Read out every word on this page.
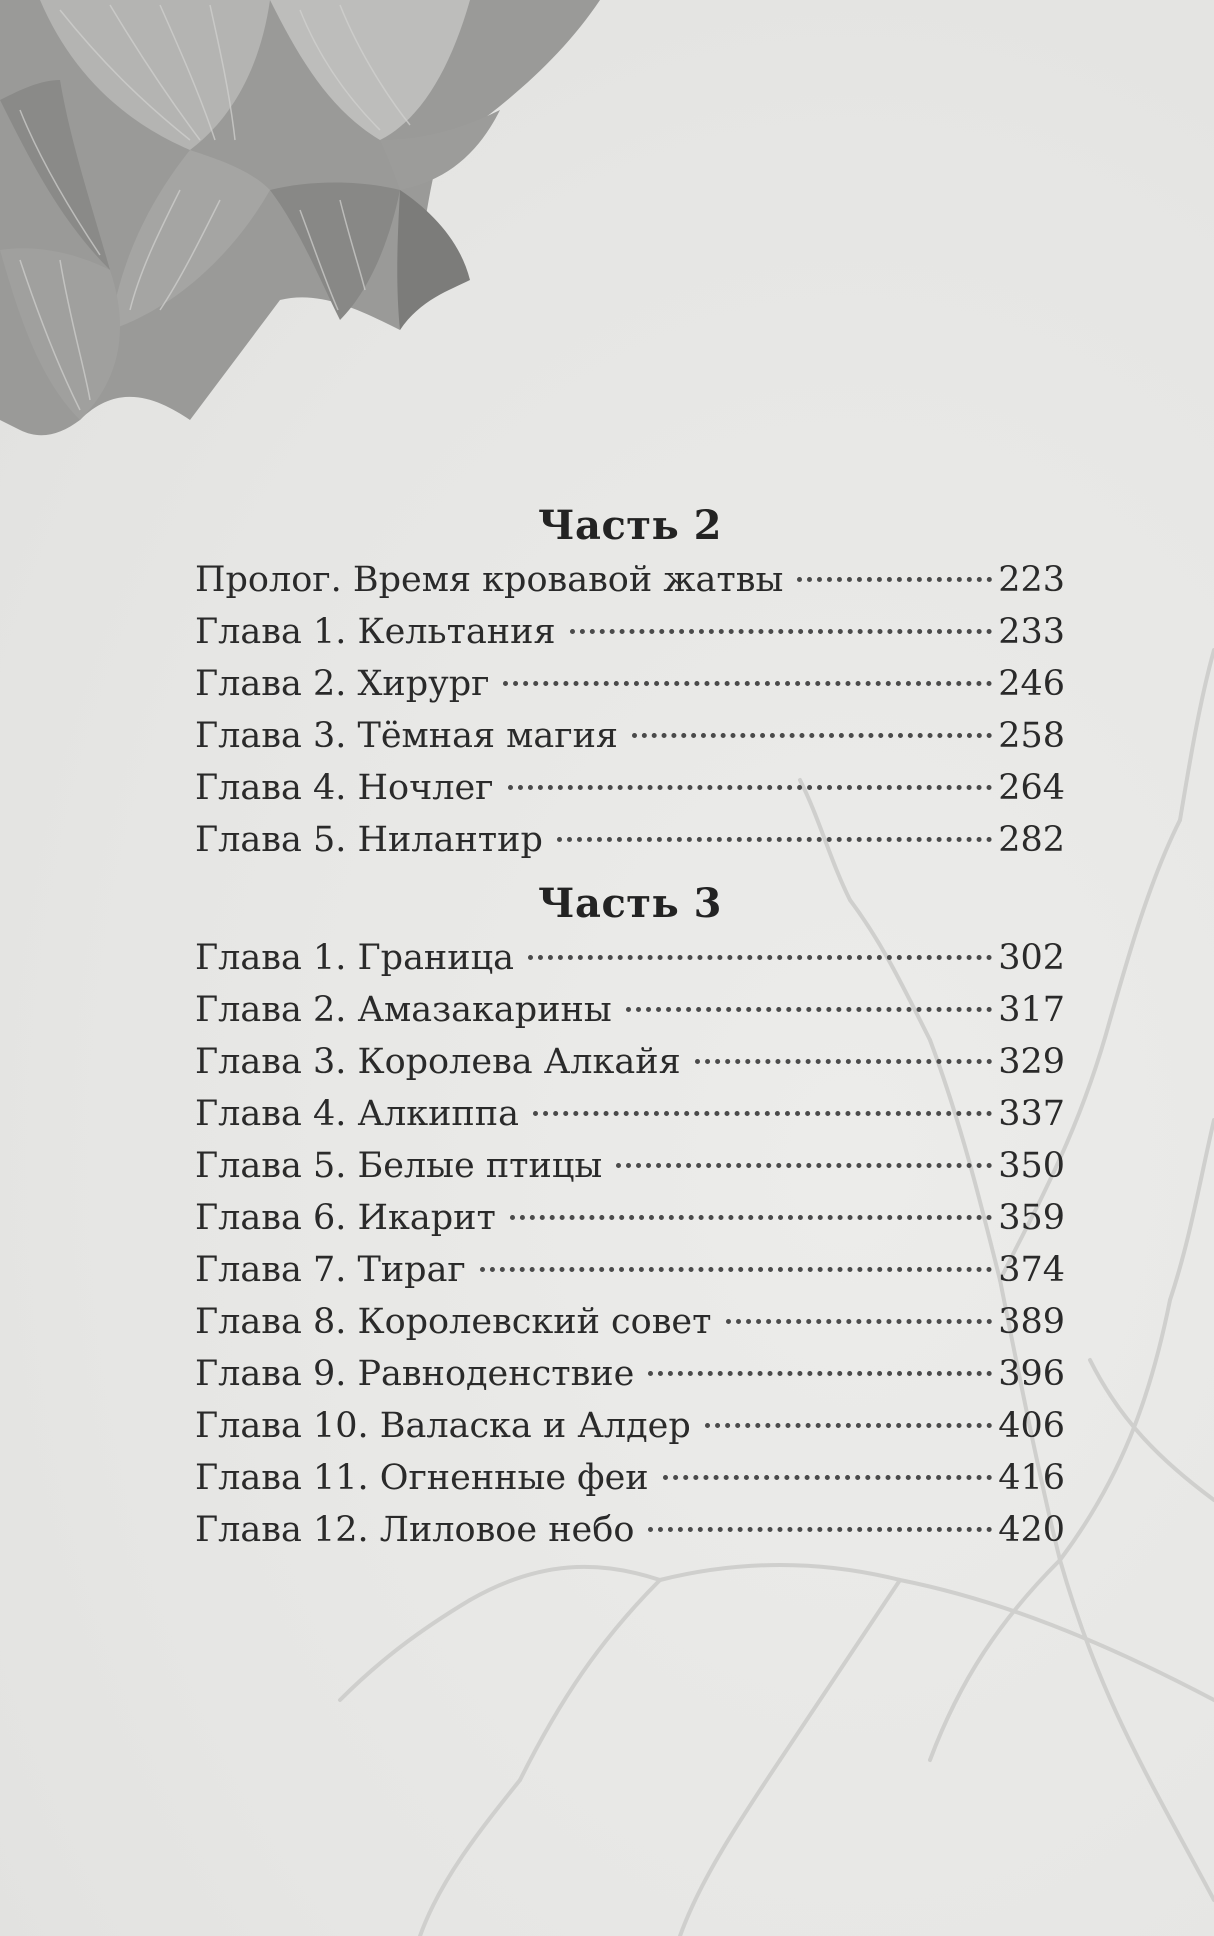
Часть 2
Пролог. Время кровавой жатвы	223
Глава 1. Кельтания	233
Глава 2. Хирург	246
Глава 3. Тёмная магия	258
Глава 4. Ночлег	264
Глава 5. Нилантир	282
Часть 3
Глава 1. Граница	302
Глава 2. Амазакарины	317
Глава 3. Королева Алкайя	329
Глава 4. Алкиппа	337
Глава 5. Белые птицы	350
Глава 6. Икарит	359
Глава 7. Тираг	374
Глава 8. Королевский совет	389
Глава 9. Равноденствие	396
Глава 10. Валаска и Алдер	406
Глава 11. Огненные феи	416
Глава 12. Лиловое небо	420
